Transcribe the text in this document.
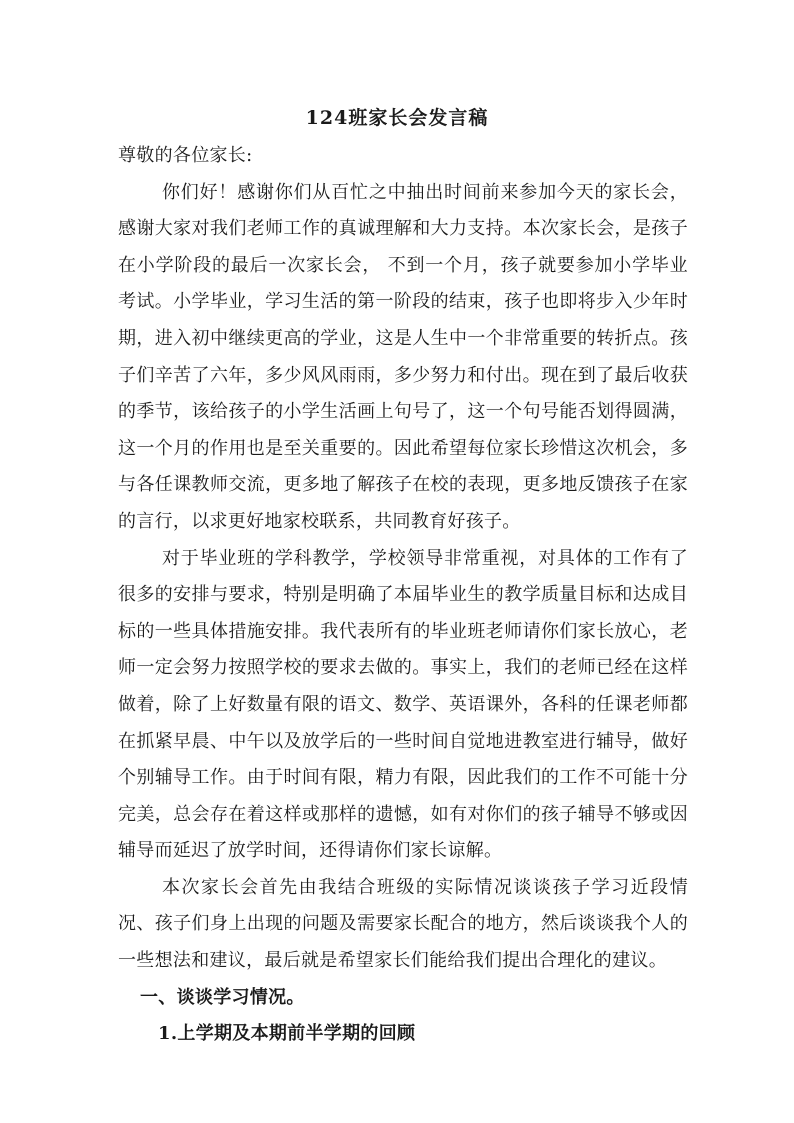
124班家长会发言稿

尊敬的各位家长:

你们好！感谢你们从百忙之中抽出时间前来参加今天的家长会，感谢大家对我们老师工作的真诚理解和大力支持。本次家长会，是孩子在小学阶段的最后一次家长会， 不到一个月，孩子就要参加小学毕业考试。小学毕业，学习生活的第一阶段的结束，孩子也即将步入少年时期，进入初中继续更高的学业，这是人生中一个非常重要的转折点。孩子们辛苦了六年，多少风风雨雨，多少努力和付出。现在到了最后收获的季节，该给孩子的小学生活画上句号了，这一个句号能否划得圆满，这一个月的作用也是至关重要的。因此希望每位家长珍惜这次机会，多与各任课教师交流，更多地了解孩子在校的表现，更多地反馈孩子在家的言行，以求更好地家校联系，共同教育好孩子。

对于毕业班的学科教学，学校领导非常重视，对具体的工作有了很多的安排与要求，特别是明确了本届毕业生的教学质量目标和达成目标的一些具体措施安排。我代表所有的毕业班老师请你们家长放心，老师一定会努力按照学校的要求去做的。事实上，我们的老师已经在这样做着，除了上好数量有限的语文、数学、英语课外，各科的任课老师都在抓紧早晨、中午以及放学后的一些时间自觉地进教室进行辅导，做好个别辅导工作。由于时间有限，精力有限，因此我们的工作不可能十分完美，总会存在着这样或那样的遗憾，如有对你们的孩子辅导不够或因辅导而延迟了放学时间，还得请你们家长谅解。

本次家长会首先由我结合班级的实际情况谈谈孩子学习近段情况、孩子们身上出现的问题及需要家长配合的地方，然后谈谈我个人的一些想法和建议，最后就是希望家长们能给我们提出合理化的建议。

一、谈谈学习情况。

1.上学期及本期前半学期的回顾
